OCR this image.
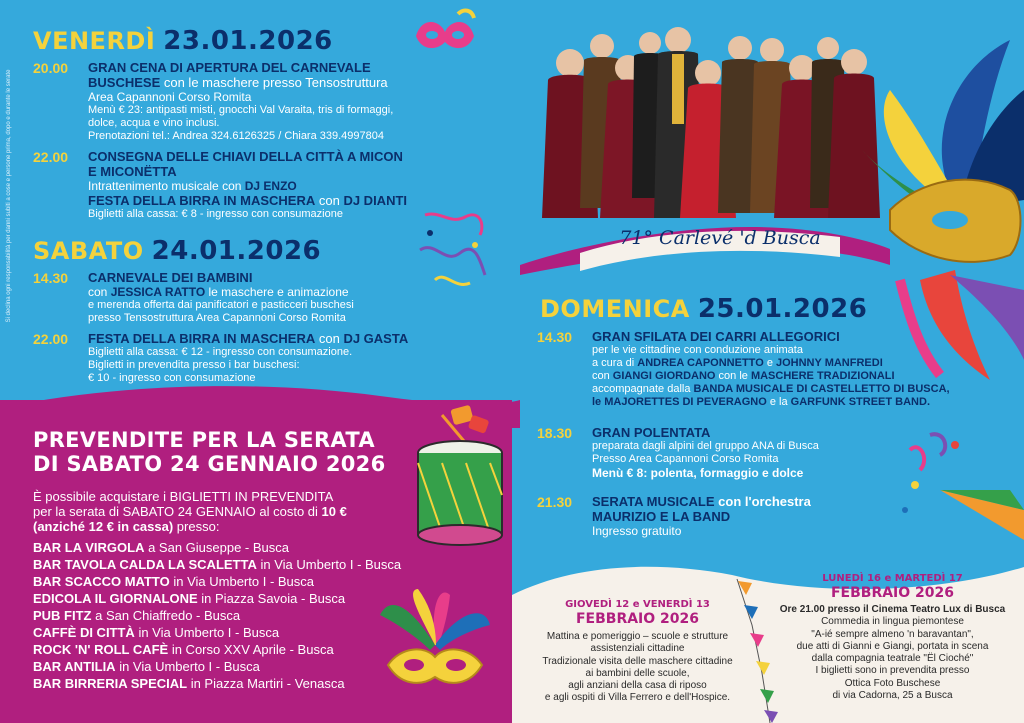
Si declina ogni responsabilità per danni subiti a cose e persone prima, dopo e durante le serate
VENERDÌ 23.01.2026
20.00	GRAN CENA DI APERTURA DEL CARNEVALE
BUSCHESE con le maschere presso Tensostruttura
Area Capannoni Corso Romita
Menù € 23: antipasti misti, gnocchi Val Varaita, tris di formaggi,
dolce, acqua e vino inclusi.
Prenotazioni tel.: Andrea 324.6126325 / Chiara 339.4997804
22.00	CONSEGNA DELLE CHIAVI DELLA CITTÀ A MICON
E MICONËTTA
Intrattenimento musicale con DJ ENZO
FESTA DELLA BIRRA IN MASCHERA con DJ DIANTI
Biglietti alla cassa: € 8 - ingresso con consumazione
SABATO 24.01.2026
14.30	CARNEVALE DEI BAMBINI
con JESSICA RATTO le maschere e animazione
e merenda offerta dai panificatori e pasticceri buschesi
presso Tensostruttura Area Capannoni Corso Romita
22.00	FESTA DELLA BIRRA IN MASCHERA con DJ GASTA
Biglietti alla cassa: € 12 - ingresso con consumazione.
Biglietti in prevendita presso i bar buschesi:
€ 10 - ingresso con consumazione
PREVENDITE PER LA SERATA
DI SABATO 24 GENNAIO 2026
È possibile acquistare i BIGLIETTI IN PREVENDITA
per la serata di SABATO 24 GENNAIO al costo di 10 €
(anziché 12 € in cassa) presso:
BAR LA VIRGOLA a San Giuseppe - Busca
BAR TAVOLA CALDA LA SCALETTA in Via Umberto I - Busca
BAR SCACCO MATTO in Via Umberto I - Busca
EDICOLA IL GIORNALONE in Piazza Savoia - Busca
PUB FITZ a San Chiaffredo - Busca
CAFFÈ DI CITTÀ in Via Umberto I - Busca
ROCK 'N' ROLL CAFÈ in Corso XXV Aprile - Busca
BAR ANTILIA in Via Umberto I - Busca
BAR BIRRERIA SPECIAL in Piazza Martiri - Venasca
71° Carlevé 'd Busca
DOMENICA 25.01.2026
14.30	GRAN SFILATA DEI CARRI ALLEGORICI
per le vie cittadine con conduzione animata
a cura di ANDREA CAPONNETTO e JOHNNY MANFREDI
con GIANGI GIORDANO con le MASCHERE TRADIZIONALI
accompagnate dalla BANDA MUSICALE DI CASTELLETTO DI BUSCA,
le MAJORETTES DI PEVERAGNO e la GARFUNK STREET BAND.
18.30	GRAN POLENTATA
preparata dagli alpini del gruppo ANA di Busca
Presso Area Capannoni Corso Romita
Menù € 8: polenta, formaggio e dolce
21.30	SERATA MUSICALE con l'orchestra
MAURIZIO E LA BAND
Ingresso gratuito
GIOVEDÌ 12 e VENERDÌ 13
FEBBRAIO 2026
Mattina e pomeriggio – scuole e strutture
assistenziali cittadine
Tradizionale visita delle maschere cittadine
ai bambini delle scuole,
agli anziani della casa di riposo
e agli ospiti di Villa Ferrero e dell'Hospice.
LUNEDÌ 16 e MARTEDÌ 17
FEBBRAIO 2026
Ore 21.00 presso il Cinema Teatro Lux di Busca
Commedia in lingua piemontese
"A-ié sempre almeno 'n baravantan",
due atti di Gianni e Giangi, portata in scena
dalla compagnia teatrale "Ël Cioché"
I biglietti sono in prevendita presso
Ottica Foto Buschese
di via Cadorna, 25 a Busca
